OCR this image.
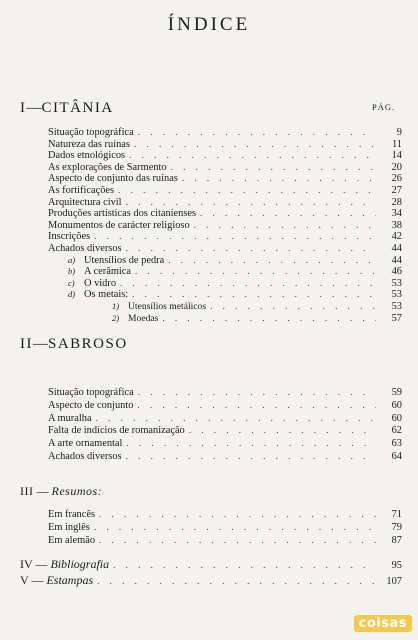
ÍNDICE
I—CITÂNIA	PÁG.
Situação topográfica . . .	9
Natureza das ruínas . . .	11
Dados etnológicos . . .	14
As explorações de Sarmento . . .	20
Aspecto de conjunto das ruínas . . .	26
As fortificações . . .	27
Arquitectura civil . . .	28
Produções artísticas dos citanienses . . .	34
Monumentos de carácter religioso . . .	38
Inscrições . . .	42
Achados diversos . . .	44
a) Utensílios de pedra . . .	44
b) A cerâmica . . .	46
c) O vidro . . .	53
d) Os metais: . . .	53
1) Utensílios metálicos . . .	53
2) Moedas . . .	57
II—SABROSO
Situação topográfica . . .	59
Aspecto de conjunto . . .	60
A muralha . . .	60
Falta de indícios de romanização . . .	62
A arte ornamental . . .	63
Achados diversos . . .	64
III — Resumos:
Em francês . . .	71
Em inglês . . .	79
Em alemão . . .	87
IV — Bibliografia . . .	95
V — Estampas . . .	107
coisas
